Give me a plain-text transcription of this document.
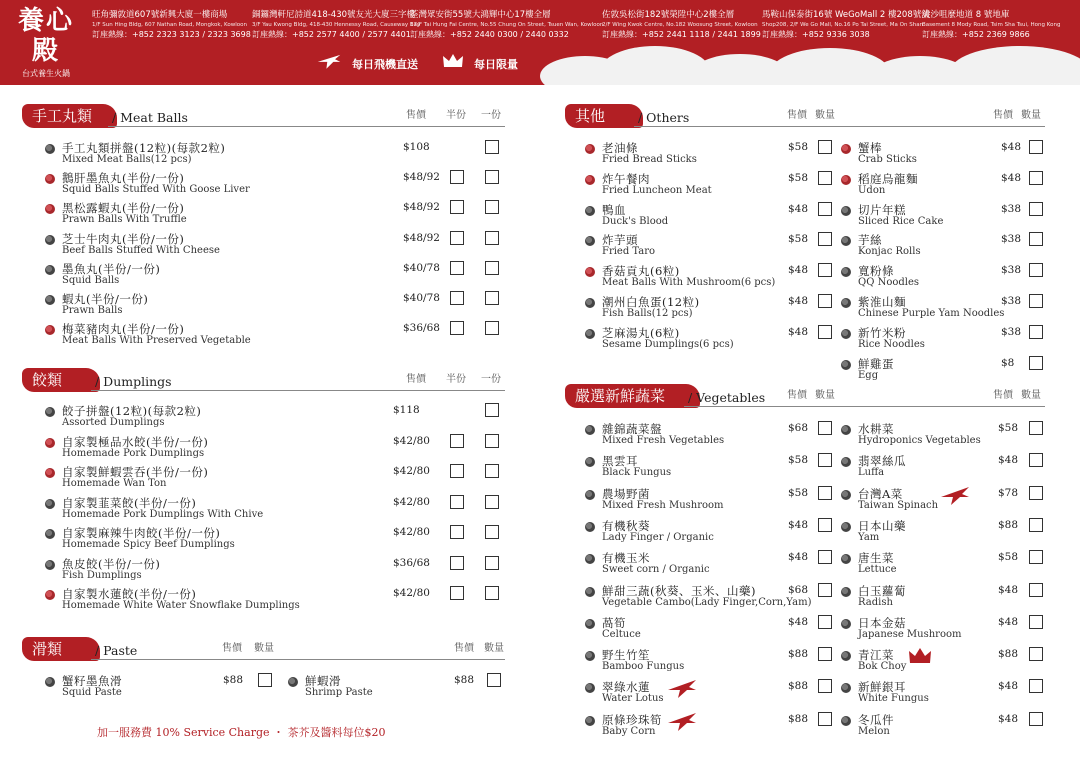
養心殿
台式養生火鍋
旺角彌敦道607號新興大廈一樓商場
1/F Sun Hing Bldg, 607 Nathan Road, Mongkok, Kowloon
訂座熱線：+852 2323 3123 / 2323 3698
銅鑼灣軒尼詩道418-430號友光大廈三字樓
3/F Yau Kwong Bldg, 418-430 Hennessy Road, Causeway Bay
訂座熱線：+852 2577 4400 / 2577 4401
荃灣眾安街55號大鴻輝中心17樓全層
17/F Tai Hung Fai Centre, No.55 Chung On Street, Tsuen Wan, Kowloon
訂座熱線：+852 2440 0300 / 2440 0332
佐敦吳松街182號榮陞中心2樓全層
2/F Wing Kwok Centre, No.182 Woosung Street, Kowloon
訂座熱線：+852 2441 1118 / 2441 1899
馬鞍山保泰街16號 WeGoMall 2 樓208號舖
Shop208, 2/F We Go Mall, No.16 Po Tai Street, Ma On Shan
訂座熱線：+852 9336 3038
尖沙咀麼地道 8 號地庫
Basement 8 Mody Road, Tsim Sha Tsui, Hong Kong
訂座熱線：+852 2369 9866
每日飛機直送	每日限量
手工丸類	/ Meat Balls	售價 半份 一份
手工丸類拼盤(12粒)(每款2粒)
Mixed Meat Balls(12 pcs)
$108
鵝肝墨魚丸(半份/一份)
Squid Balls Stuffed With Goose Liver
$48/92
黑松露蝦丸(半份/一份)
Prawn Balls With Truffle
$48/92
芝士牛肉丸(半份/一份)
Beef Balls Stuffed With Cheese
$48/92
墨魚丸(半份/一份)
Squid Balls
$40/78
蝦丸(半份/一份)
Prawn Balls
$40/78
梅菜豬肉丸(半份/一份)
Meat Balls With Preserved Vegetable
$36/68
餃類	/ Dumplings	售價 半份 一份
餃子拼盤(12粒)(每款2粒)
Assorted Dumplings
$118
自家製極品水餃(半份/一份)
Homemade Pork Dumplings
$42/80
自家製鮮蝦雲吞(半份/一份)
Homemade Wan Ton
$42/80
自家製韮菜餃(半份/一份)
Homemade Pork Dumplings With Chive
$42/80
自家製麻辣牛肉餃(半份/一份)
Homemade Spicy Beef Dumplings
$42/80
魚皮餃(半份/一份)
Fish Dumplings
$36/68
自家製水蓮餃(半份/一份)
Homemade White Water Snowflake Dumplings
$42/80
滑類	/ Paste	售價 數量	售價 數量
蟹籽墨魚滑
Squid Paste
$88	鮮蝦滑
Shrimp Paste
$88
其他	/ Others	售價 數量	售價 數量
老油條
Fried Bread Sticks
$58
炸午餐肉
Fried Luncheon Meat
$58
鴨血
Duck's Blood
$48
炸芋頭
Fried Taro
$58
香菇貢丸(6粒)
Meat Balls With Mushroom(6 pcs)
$48
潮州白魚蛋(12粒)
Fish Balls(12 pcs)
$48
芝麻湯丸(6粒)
Sesame Dumplings(6 pcs)
$48
蟹棒
Crab Sticks
$48
稻庭烏龍麵
Udon
$48
切片年糕
Sliced Rice Cake
$38
芋絲
Konjac Rolls
$38
寬粉條
QQ Noodles
$38
紫淮山麵
Chinese Purple Yam Noodles
$38
新竹米粉
Rice Noodles
$38
鮮雞蛋
Egg
$8
嚴選新鮮蔬菜	/ Vegetables 售價 數量	售價 數量
雜錦蔬菜盤
Mixed Fresh Vegetables
$68
黑雲耳
Black Fungus
$58
農場野菌
Mixed Fresh Mushroom
$58
有機秋葵
Lady Finger / Organic
$48
有機玉米
Sweet corn / Organic
$48
鮮甜三蔬(秋葵、玉米、山藥)
Vegetable Cambo(Lady Finger,Corn,Yam)
$68
萵筍
Celtuce
$48
野生竹笙
Bamboo Fungus
$88
翠綠水蓮
Water Lotus
$88
原條珍珠筍
Baby Corn
$88
水耕菜
Hydroponics Vegetables
$58
翡翠絲瓜
Luffa
$48
台灣A菜
Taiwan Spinach
$78
日本山藥
Yam
$88
唐生菜
Lettuce
$58
白玉蘿蔔
Radish
$48
日本金菇
Japanese Mushroom
$48
青江菜
Bok Choy
$88
新鮮銀耳
White Fungus
$48
冬瓜件
Melon
$48
加一服務費 10% Service Charge ・ 茶芥及醬料每位$20
